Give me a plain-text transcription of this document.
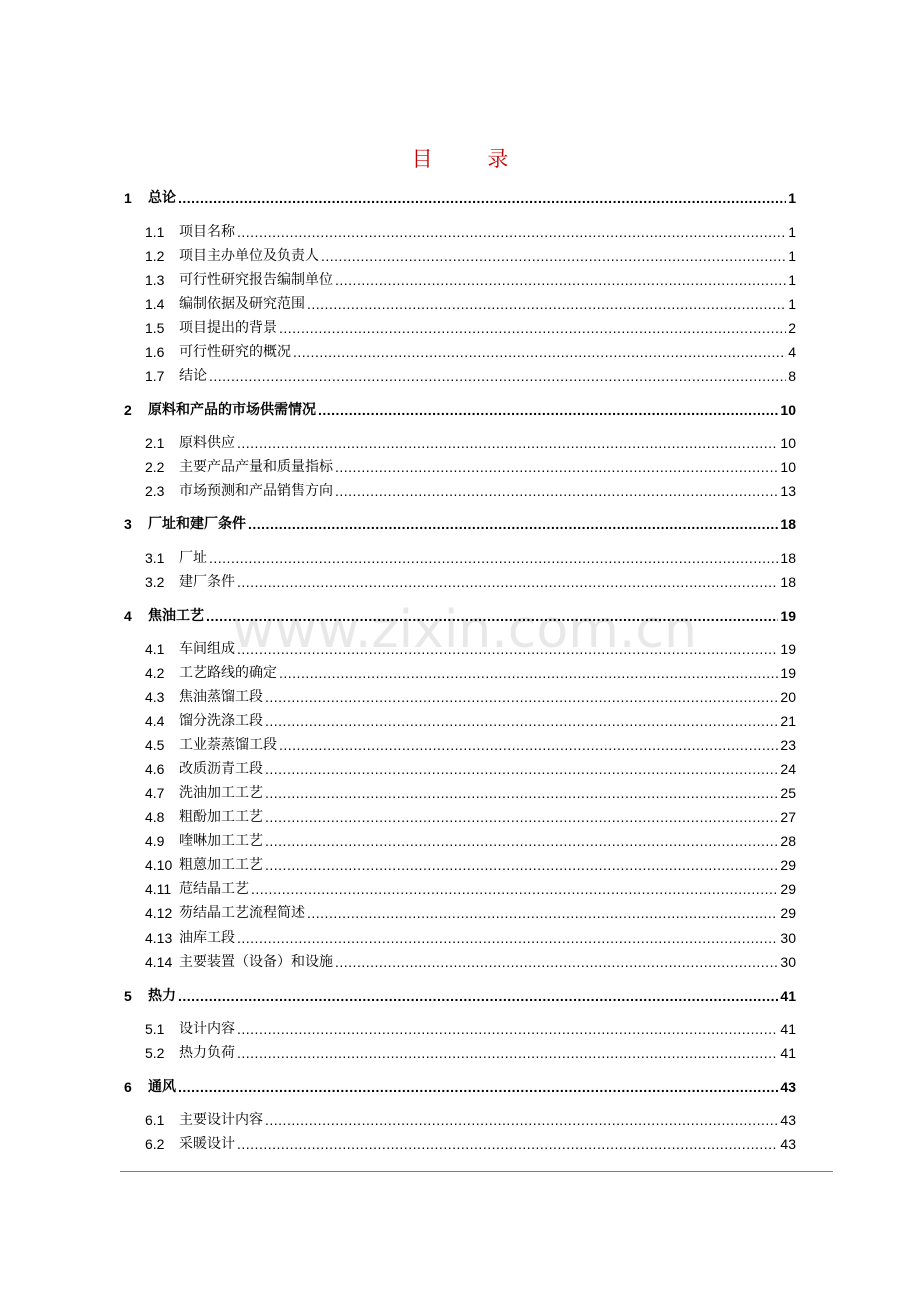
目 录
www.zixin.com.cn
1	总论 .....	1
1.1	项目名称 .....	1
1.2	项目主办单位及负责人 .....	1
1.3	可行性研究报告编制单位 .....	1
1.4	编制依据及研究范围 .....	1
1.5	项目提出的背景 .....	2
1.6	可行性研究的概况 .....	4
1.7	结论 .....	8
2	原料和产品的市场供需情况 .....	10
2.1	原料供应 .....	10
2.2	主要产品产量和质量指标 .....	10
2.3	市场预测和产品销售方向 .....	13
3	厂址和建厂条件 .....	18
3.1	厂址 .....	18
3.2	建厂条件 .....	18
4	焦油工艺 .....	19
4.1	车间组成 .....	19
4.2	工艺路线的确定 .....	19
4.3	焦油蒸馏工段 .....	20
4.4	馏分洗涤工段 .....	21
4.5	工业萘蒸馏工段 .....	23
4.6	改质沥青工段 .....	24
4.7	洗油加工工艺 .....	25
4.8	粗酚加工工艺 .....	27
4.9	喹啉加工工艺 .....	28
4.10 粗蒽加工工艺 .....	29
4.11 苊结晶工艺 .....	29
4.12 芴结晶工艺流程简述 .....	29
4.13 油库工段 .....	30
4.14 主要装置（设备）和设施 .....	30
5	热力 .....	41
5.1	设计内容 .....	41
5.2	热力负荷 .....	41
6	通风 .....	43
6.1	主要设计内容 .....	43
6.2	采暖设计 .....	43
